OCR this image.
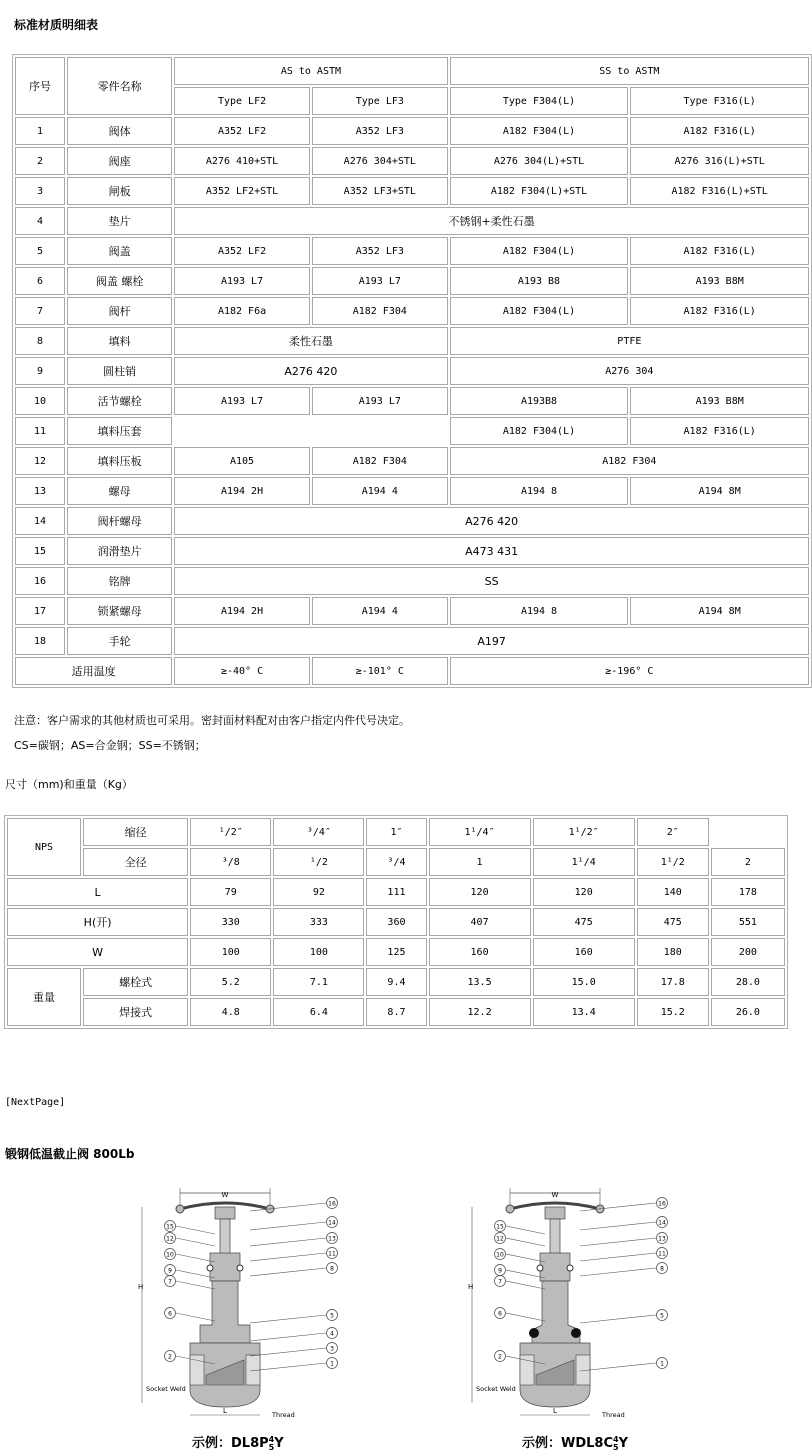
标准材质明细表
序号	零件名称	AS to ASTM		SS to ASTM	
		Type LF2	Type LF3	Type F304(L)	Type F316(L)
1	阀体	A352 LF2	A352 LF3	A182 F304(L)	A182 F316(L)
2	阀座	A276 410+STL	A276 304+STL	A276 304(L)+STL	A276 316(L)+STL
3	闸板	A352 LF2+STL	A352 LF3+STL	A182 F304(L)+STL	A182 F316(L)+STL
4	垫片	不锈钢+柔性石墨			
5	阀盖	A352 LF2	A352 LF3	A182 F304(L)	A182 F316(L)
6	阀盖 螺栓	A193 L7	A193 L7	A193 B8	A193 B8M
7	阀杆	A182 F6a	A182 F304	A182 F304(L)	A182 F316(L)
8	填料	柔性石墨		PTFE	
9	圆柱销	A276 420		A276 304	
10	活节螺栓	A193 L7	A193 L7	A193B8	A193 B8M
11	填料压套			A182 F304(L)	A182 F316(L)
12	填料压板	A105	A182 F304	A182 F304	
13	螺母	A194 2H	A194 4	A194 8	A194 8M
14	阀杆螺母	A276 420			
15	润滑垫片	A473 431			
16	铭牌	SS			
17	锁紧螺母	A194 2H	A194 4	A194 8	A194 8M
18	手轮	A197			
适用温度		≥-40° C	≥-101° C	≥-196° C	
注意：客户需求的其他材质也可采用。密封面材料配对由客户指定内件代号决定。
CS=碳钢；AS=合金钢；SS=不锈钢；
尺寸（mm)和重量（Kg）
NPS	缩径	¹/2″	³/4″	1″	1¹/4″	1¹/2″	2″	
	全径	³/8	¹/2	³/4	1	1¹/4	1¹/2	2
L		79	92	111	120	120	140	178
H(开)		330	333	360	407	475	475	551
W		100	100	125	160	160	180	200
重量	螺栓式	5.2	7.1	9.4	13.5	15.0	17.8	28.0
	焊接式	4.8	6.4	8.7	12.2	13.4	15.2	26.0
[NextPage]
锻钢低温截止阀 800Lb
W
H
L
Socket Weld
Thread
16
14
13
11
8
5
4
3
1
15
12
10
9
7
6
2
示例：DL8P4
5Y
W
H
L
Socket Weld
Thread
16
14
13
11
8
5
1
15
12
10
9
7
6
2
示例：WDL8C4
5Y
